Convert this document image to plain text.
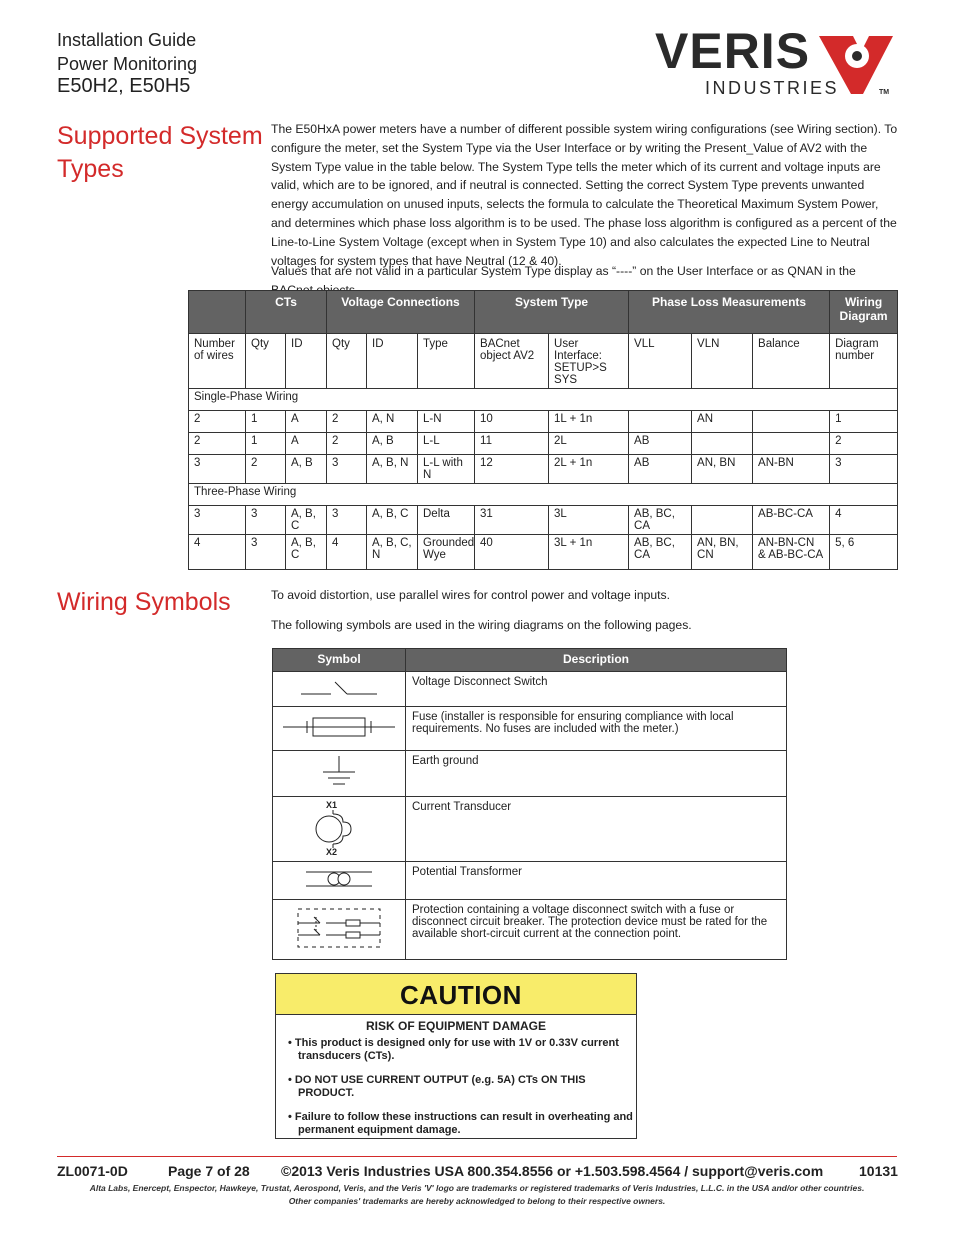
Installation Guide
Power Monitoring
E50H2, E50H5
VERIS
INDUSTRIES	TM
Supported System
Types
The E50HxA power meters have a number of different possible system wiring configurations (see Wiring section). To configure the meter, set the System Type via the User Interface or by writing the Present_Value of AV2 with the System Type value in the table below. The System Type tells the meter which of its current and voltage inputs are valid, which are to be ignored, and if neutral is connected. Setting the correct System Type prevents unwanted energy accumulation on unused inputs, selects the formula to calculate the Theoretical Maximum System Power, and determines which phase loss algorithm is to be used. The phase loss algorithm is configured as a percent of the Line-to-Line System Voltage (except when in System Type 10) and also calculates the expected Line to Neutral voltages for system types that have Neutral (12 & 40).
Values that are not valid in a particular System Type display as “----” on the User Interface or as QNAN in the
	CTs		Voltage Connections			System Type		Phase Loss Measurements			Wiring Diagram
Number of wires	Qty	ID	Qty	ID	Type	BACnet object AV2	User Interface: SETUP>S SYS	VLL	VLN	Balance	Diagram number
Single-Phase Wiring											
2	1	A	2	A, N	L-N	10	1L + 1n		AN		1
2	1	A	2	A, B	L-L	11	2L	AB			2
3	2	A, B	3	A, B, N	L-L with N	12	2L + 1n	AB	AN, BN	AN-BN	3
Three-Phase Wiring											
3	3	A, B, C	3	A, B, C	Delta	31	3L	AB, BC, CA		AB-BC-CA	4
4	3	A, B, C	4	A, B, C, N	Grounded Wye	40	3L + 1n	AB, BC, CA	AN, BN, CN	AN-BN-CN & AB-BC-CA	5, 6
Wiring Symbols	To avoid distortion, use parallel wires for control power and voltage inputs.
The following symbols are used in the wiring diagrams on the following pages.
Symbol	Description
	Voltage Disconnect Switch
	Fuse (installer is responsible for ensuring compliance with local requirements. No fuses are included with the meter.)
	Earth ground

X1
X2	Current Transducer
	Potential Transformer
	Protection containing a voltage disconnect switch with a fuse or disconnect circuit breaker. The protection device must be rated for the available short-circuit current at the connection point.
CAUTION
RISK OF EQUIPMENT DAMAGE
• This product is designed only for use with 1V or 0.33V current transducers (CTs).
• DO NOT USE CURRENT OUTPUT (e.g. 5A) CTs ON THIS PRODUCT.
• Failure to follow these instructions can result in overheating and permanent equipment damage.
ZL0071-0D	Page 7 of 28 ©2013 Veris Industries USA 800.354.8556 or +1.503.598.4564 / support@veris.com	10131
Alta Labs, Enercept, Enspector, Hawkeye, Trustat, Aerospond, Veris, and the Veris 'V' logo are trademarks or registered trademarks of Veris Industries, L.L.C. in the USA and/or other countries.
Other companies' trademarks are hereby acknowledged to belong to their respective owners.
